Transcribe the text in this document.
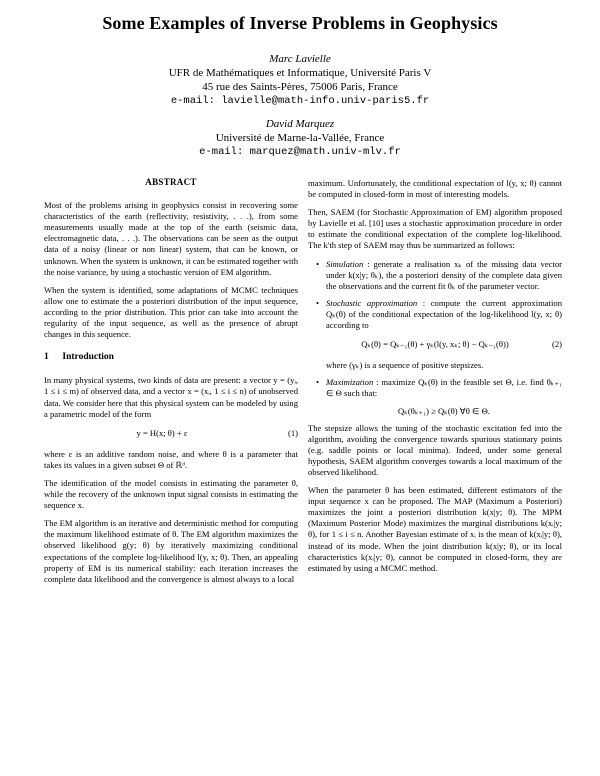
Some Examples of Inverse Problems in Geophysics
Marc Lavielle
UFR de Mathématiques et Informatique, Université Paris V
45 rue des Saints-Pères, 75006 Paris, France
e-mail: lavielle@math-info.univ-paris5.fr
David Marquez
Université de Marne-la-Vallée, France
e-mail: marquez@math.univ-mlv.fr
ABSTRACT

Most of the problems arising in geophysics consist in recovering some characteristics of the earth (reflectivity, resistivity, . . .), from some measurements usually made at the top of the earth (seismic data, electromagnetic data, . . .). The observations can be seen as the output data of a noisy (linear or non linear) system, that can be known, or unknown. When the system is unknown, it can be estimated together with the noise variance, by using a stochastic version of EM algorithm.

When the system is identified, some adaptations of MCMC techniques allow one to estimate the a posteriori distribution of the input sequence, according to the prior distribution. This prior can take into account the regularity of the input sequence, as well as the presence of abrupt changes in this sequence.

1 Introduction

In many physical systems, two kinds of data are present: a vector y = (yᵢ, 1 ≤ i ≤ m) of observed data, and a vector x = (xᵢ, 1 ≤ i ≤ n) of unobserved data. We consider here that this physical system can be modeled by using a parametric model of the form

y = H(x; θ) + ε	(1)

where ε is an additive random noise, and where θ is a parameter that takes its values in a given subset Θ of ℝᵈ.

The identification of the model consists in estimating the parameter θ, while the recovery of the unknown input signal consists in estimating the sequence x.

The EM algorithm is an iterative and deterministic method for computing the maximum likelihood estimate of θ. The EM algorithm maximizes the observed likelihood g(y; θ) by iteratively maximizing conditional expectations of the complete log-likelihood l(y, x; θ). Then, an appealing property of EM is its numerical stability: each iteration increases the complete data likelihood and the convergence is almost always to a local

maximum. Unfortunately, the conditional expectation of l(y, x; θ) cannot be computed in closed-form in most of interesting models.

Then, SAEM (for Stochastic Approximation of EM) algorithm proposed by Lavielle et al. [10] uses a stochastic approximation procedure in order to estimate the conditional expectation of the complete log-likelihood. The k'th step of SAEM may thus be summarized as follows:

• Simulation : generate a realisation xₖ of the missing data vector under k(x|y; θₖ), the a posteriori density of the complete data given the observations and the current fit θₖ of the parameter vector.
• Stochastic approximation : compute the current approximation Qₖ(θ) of the conditional expectation of the log-likelihood l(y, x; θ) according to
Qₖ(θ) = Qₖ₋₁(θ) + γₖ(l(y, xₖ; θ) − Qₖ₋₁(θ))	(2)
where (γₖ) is a sequence of positive stepsizes.
• Maximization : maximize Qₖ(θ) in the feasible set Θ, i.e. find θₖ₊₁ ∈ Θ such that:
Qₖ(θₖ₊₁) ≥ Qₖ(θ) ∀θ ∈ Θ.

The stepsize allows the tuning of the stochastic excitation fed into the algorithm, avoiding the convergence towards spurious stationary points (e.g. saddle points or local minima). Indeed, under some general hypothesis, SAEM algorithm converges towards a local maximum of the observed likelihood.

When the parameter θ has been estimated, different estimators of the input sequence x can be proposed. The MAP (Maximum a Posteriori) maximizes the joint a posteriori distribution k(x|y; θ). The MPM (Maximum Posterior Mode) maximizes the marginal distributions k(xᵢ|y; θ), for 1 ≤ i ≤ n. Another Bayesian estimate of xᵢ is the mean of k(xᵢ|y; θ), instead of its mode. When the joint distribution k(x|y; θ), or its local characteristics k(xᵢ|y; θ), cannot be computed in closed-form, they are estimated by using a MCMC method.
